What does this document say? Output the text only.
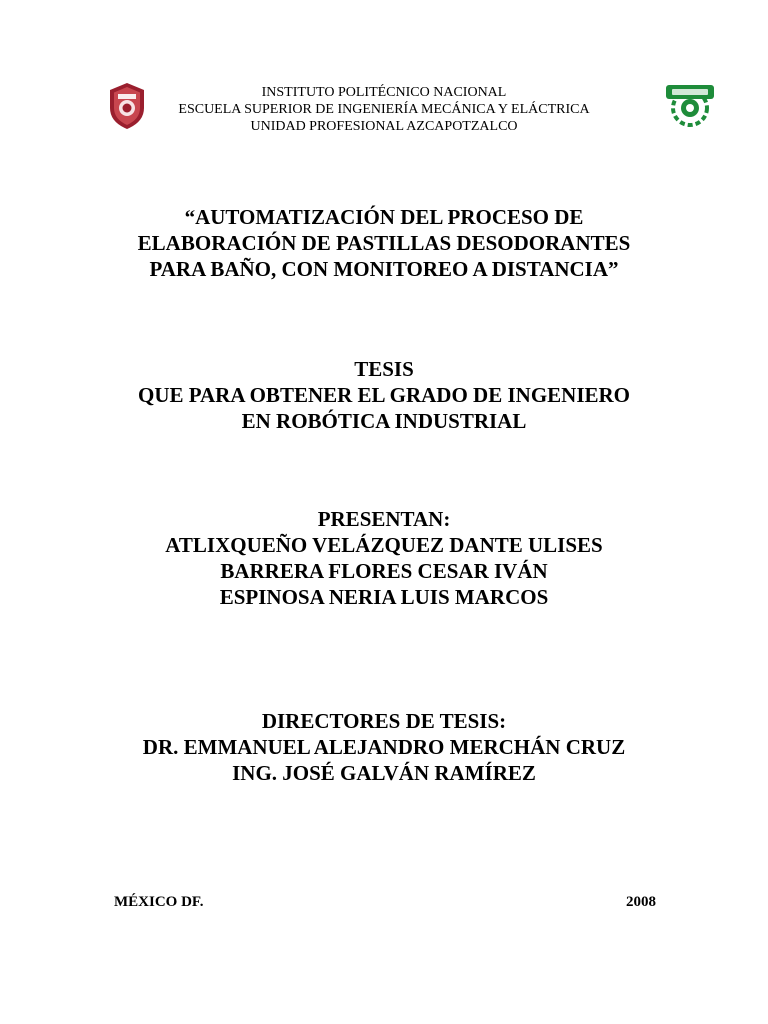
INSTITUTO POLITÉCNICO NACIONAL
ESCUELA SUPERIOR DE INGENIERÍA MECÁNICA Y ELÁCTRICA
UNIDAD PROFESIONAL AZCAPOTZALCO
“AUTOMATIZACIÓN DEL PROCESO DE
ELABORACIÓN DE PASTILLAS DESODORANTES
PARA BAÑO, CON MONITOREO A DISTANCIA”
TESIS
QUE PARA OBTENER EL GRADO DE INGENIERO
EN ROBÓTICA INDUSTRIAL
PRESENTAN:
ATLIXQUEÑO VELÁZQUEZ DANTE ULISES
BARRERA FLORES CESAR IVÁN
ESPINOSA NERIA LUIS MARCOS
DIRECTORES DE TESIS:
DR. EMMANUEL ALEJANDRO MERCHÁN CRUZ
ING. JOSÉ GALVÁN RAMÍREZ
MÉXICO DF.	2008
